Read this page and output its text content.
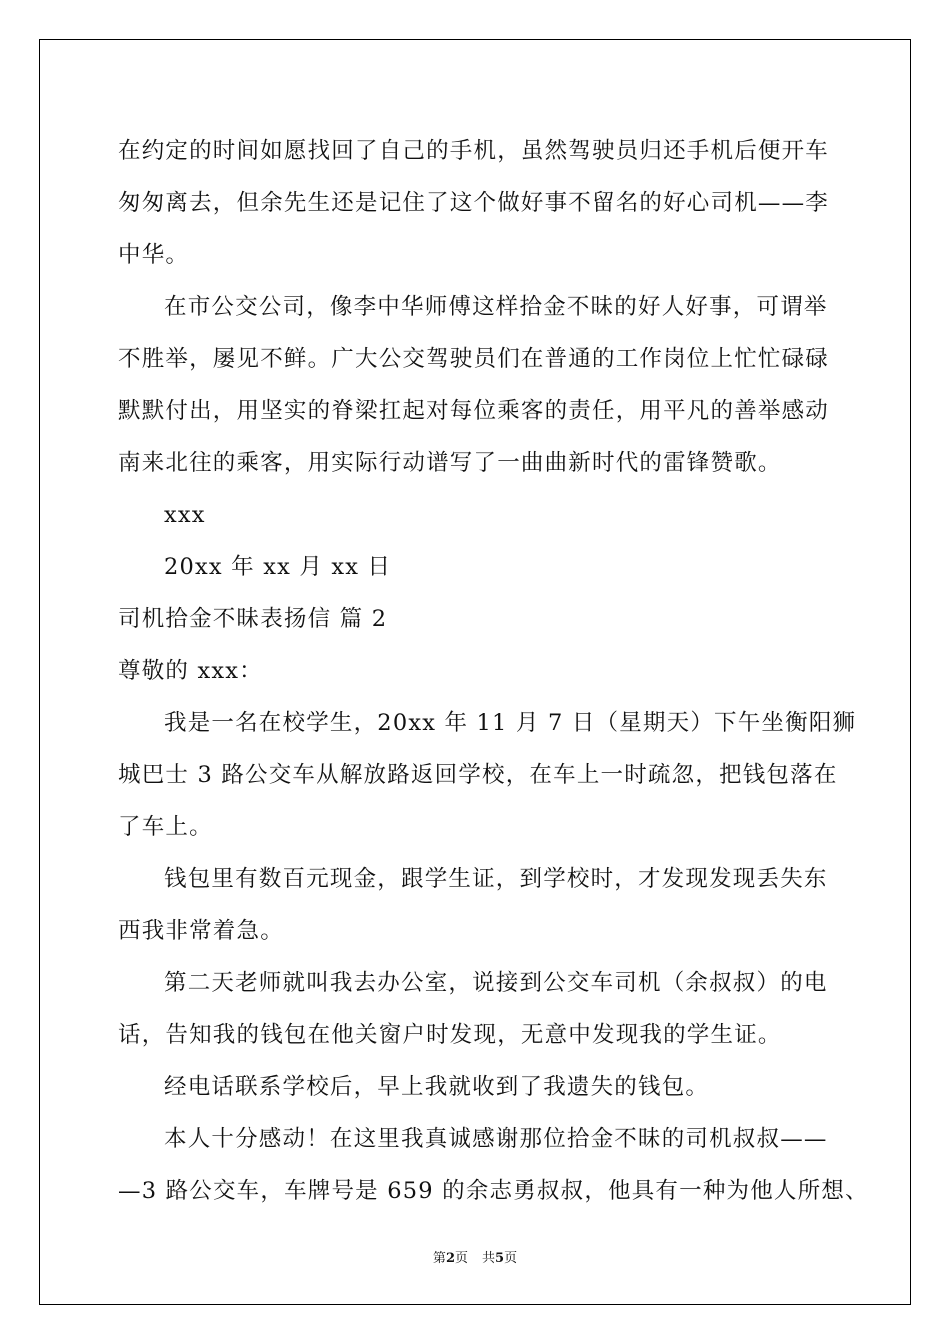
在约定的时间如愿找回了自己的手机，虽然驾驶员归还手机后便开车
匆匆离去，但余先生还是记住了这个做好事不留名的好心司机——李
中华。
在市公交公司，像李中华师傅这样拾金不昧的好人好事，可谓举
不胜举，屡见不鲜。广大公交驾驶员们在普通的工作岗位上忙忙碌碌
默默付出，用坚实的脊梁扛起对每位乘客的责任，用平凡的善举感动
南来北往的乘客，用实际行动谱写了一曲曲新时代的雷锋赞歌。
xxx
20xx 年 xx 月 xx 日
司机拾金不昧表扬信 篇 2
尊敬的 xxx：
我是一名在校学生，20xx 年 11 月 7 日（星期天）下午坐衡阳狮
城巴士 3 路公交车从解放路返回学校，在车上一时疏忽，把钱包落在
了车上。
钱包里有数百元现金，跟学生证，到学校时，才发现发现丢失东
西我非常着急。
第二天老师就叫我去办公室，说接到公交车司机（余叔叔）的电
话，告知我的钱包在他关窗户时发现，无意中发现我的学生证。
经电话联系学校后，早上我就收到了我遗失的钱包。
本人十分感动！在这里我真诚感谢那位拾金不昧的司机叔叔——
—3 路公交车，车牌号是 659 的余志勇叔叔，他具有一种为他人所想、
第2页 共5页
